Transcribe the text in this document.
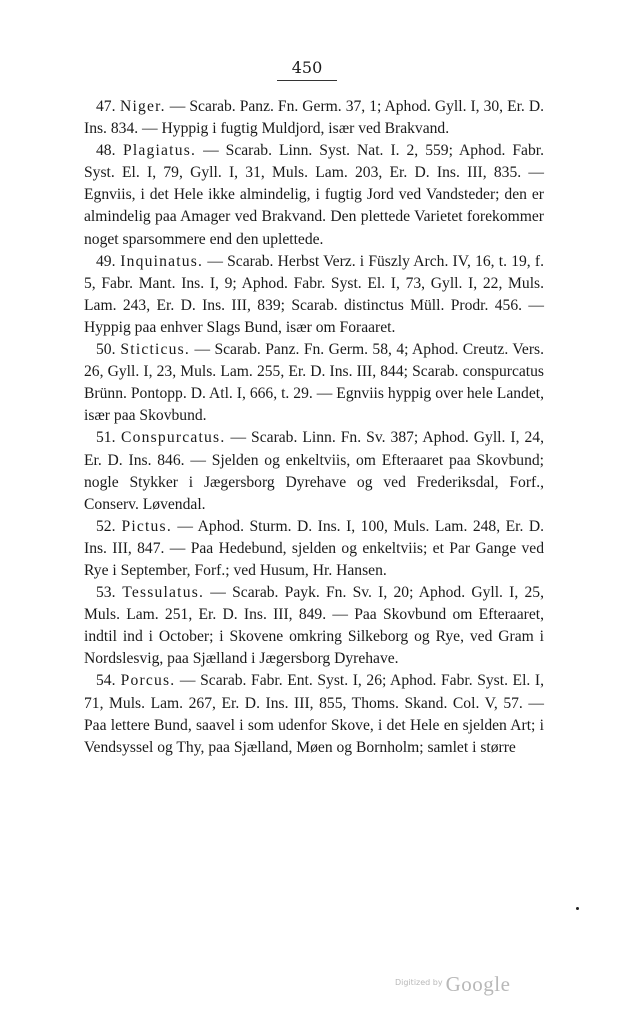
450

47. Niger. — Scarab. Panz. Fn. Germ. 37, 1; Aphod. Gyll. I, 30, Er. D. Ins. 834. — Hyppig i fugtig Muldjord, især ved Brakvand.

48. Plagiatus. — Scarab. Linn. Syst. Nat. I. 2, 559; Aphod. Fabr. Syst. El. I, 79, Gyll. I, 31, Muls. Lam. 203, Er. D. Ins. III, 835. — Egnviis, i det Hele ikke almindelig, i fugtig Jord ved Vandsteder; den er almindelig paa Amager ved Brakvand. Den plettede Varietet forekommer noget sparsommere end den uplettede.

49. Inquinatus. — Scarab. Herbst Verz. i Füszly Arch. IV, 16, t. 19, f. 5, Fabr. Mant. Ins. I, 9; Aphod. Fabr. Syst. El. I, 73, Gyll. I, 22, Muls. Lam. 243, Er. D. Ins. III, 839; Scarab. distinctus Müll. Prodr. 456. — Hyppig paa enhver Slags Bund, især om Foraaret.

50. Sticticus. — Scarab. Panz. Fn. Germ. 58, 4; Aphod. Creutz. Vers. 26, Gyll. I, 23, Muls. Lam. 255, Er. D. Ins. III, 844; Scarab. conspurcatus Brünn. Pontopp. D. Atl. I, 666, t. 29. — Egnviis hyppig over hele Landet, især paa Skovbund.

51. Conspurcatus. — Scarab. Linn. Fn. Sv. 387; Aphod. Gyll. I, 24, Er. D. Ins. 846. — Sjelden og enkeltviis, om Efteraaret paa Skovbund; nogle Stykker i Jægersborg Dyrehave og ved Frederiksdal, Forf., Conserv. Løvendal.

52. Pictus. — Aphod. Sturm. D. Ins. I, 100, Muls. Lam. 248, Er. D. Ins. III, 847. — Paa Hedebund, sjelden og enkeltviis; et Par Gange ved Rye i September, Forf.; ved Husum, Hr. Hansen.

53. Tessulatus. — Scarab. Payk. Fn. Sv. I, 20; Aphod. Gyll. I, 25, Muls. Lam. 251, Er. D. Ins. III, 849. — Paa Skovbund om Efteraaret, indtil ind i October; i Skovene omkring Silkeborg og Rye, ved Gram i Nordslesvig, paa Sjælland i Jægersborg Dyrehave.

54. Porcus. — Scarab. Fabr. Ent. Syst. I, 26; Aphod. Fabr. Syst. El. I, 71, Muls. Lam. 267, Er. D. Ins. III, 855, Thoms. Skand. Col. V, 57. — Paa lettere Bund, saavel i som udenfor Skove, i det Hele en sjelden Art; i Vendsyssel og Thy, paa Sjælland, Møen og Bornholm; samlet i større

$^{Digitized by}$ Google
